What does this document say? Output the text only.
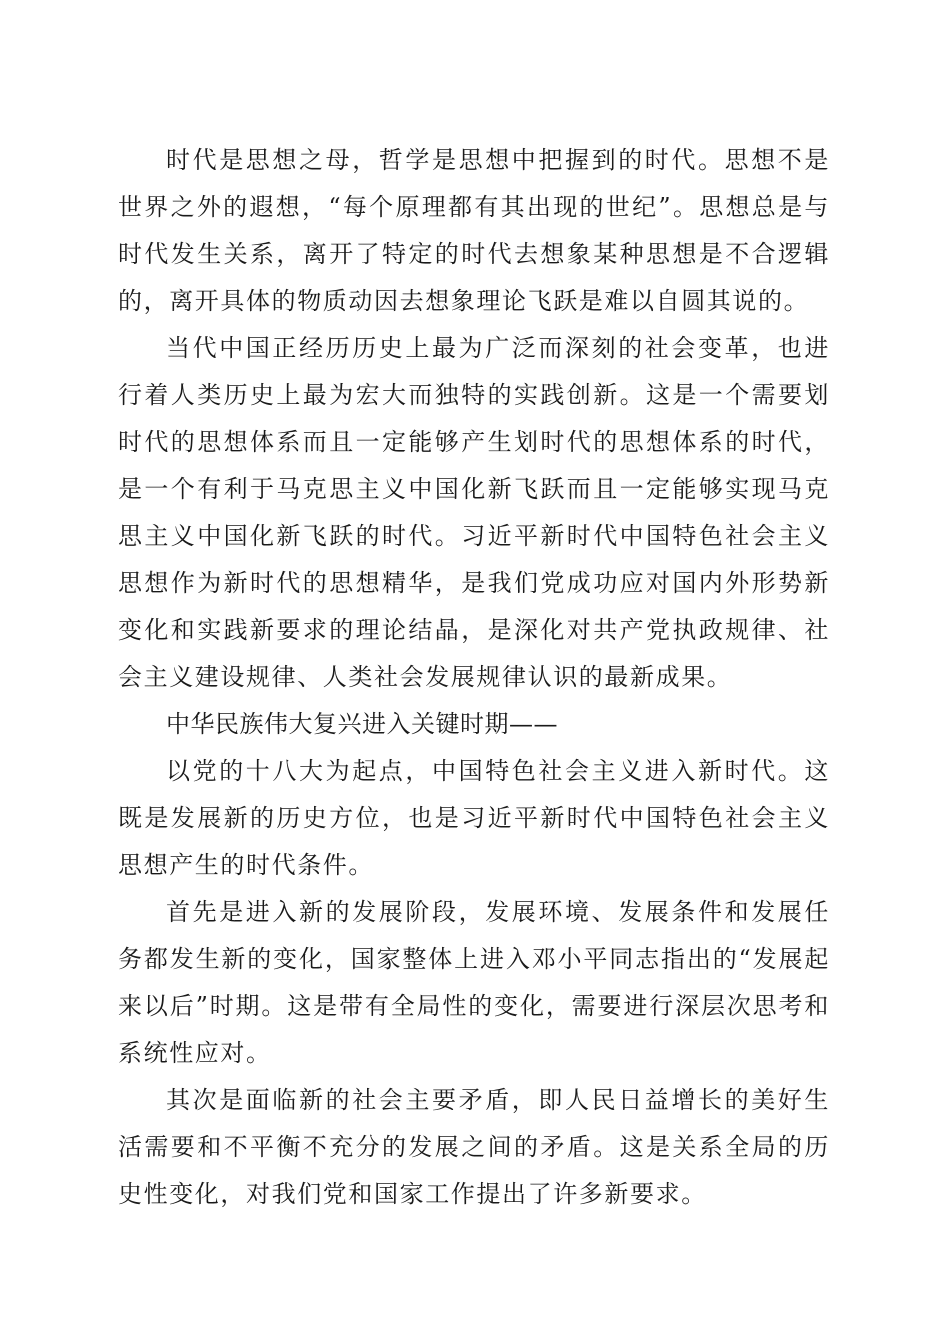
时代是思想之母，哲学是思想中把握到的时代。思想不是世界之外的遐想，“每个原理都有其出现的世纪”。思想总是与时代发生关系，离开了特定的时代去想象某种思想是不合逻辑的，离开具体的物质动因去想象理论飞跃是难以自圆其说的。

当代中国正经历历史上最为广泛而深刻的社会变革，也进行着人类历史上最为宏大而独特的实践创新。这是一个需要划时代的思想体系而且一定能够产生划时代的思想体系的时代，是一个有利于马克思主义中国化新飞跃而且一定能够实现马克思主义中国化新飞跃的时代。习近平新时代中国特色社会主义思想作为新时代的思想精华，是我们党成功应对国内外形势新变化和实践新要求的理论结晶，是深化对共产党执政规律、社会主义建设规律、人类社会发展规律认识的最新成果。

中华民族伟大复兴进入关键时期——

以党的十八大为起点，中国特色社会主义进入新时代。这既是发展新的历史方位，也是习近平新时代中国特色社会主义思想产生的时代条件。

首先是进入新的发展阶段，发展环境、发展条件和发展任务都发生新的变化，国家整体上进入邓小平同志指出的“发展起来以后”时期。这是带有全局性的变化，需要进行深层次思考和系统性应对。

其次是面临新的社会主要矛盾，即人民日益增长的美好生活需要和不平衡不充分的发展之间的矛盾。这是关系全局的历史性变化，对我们党和国家工作提出了许多新要求。
